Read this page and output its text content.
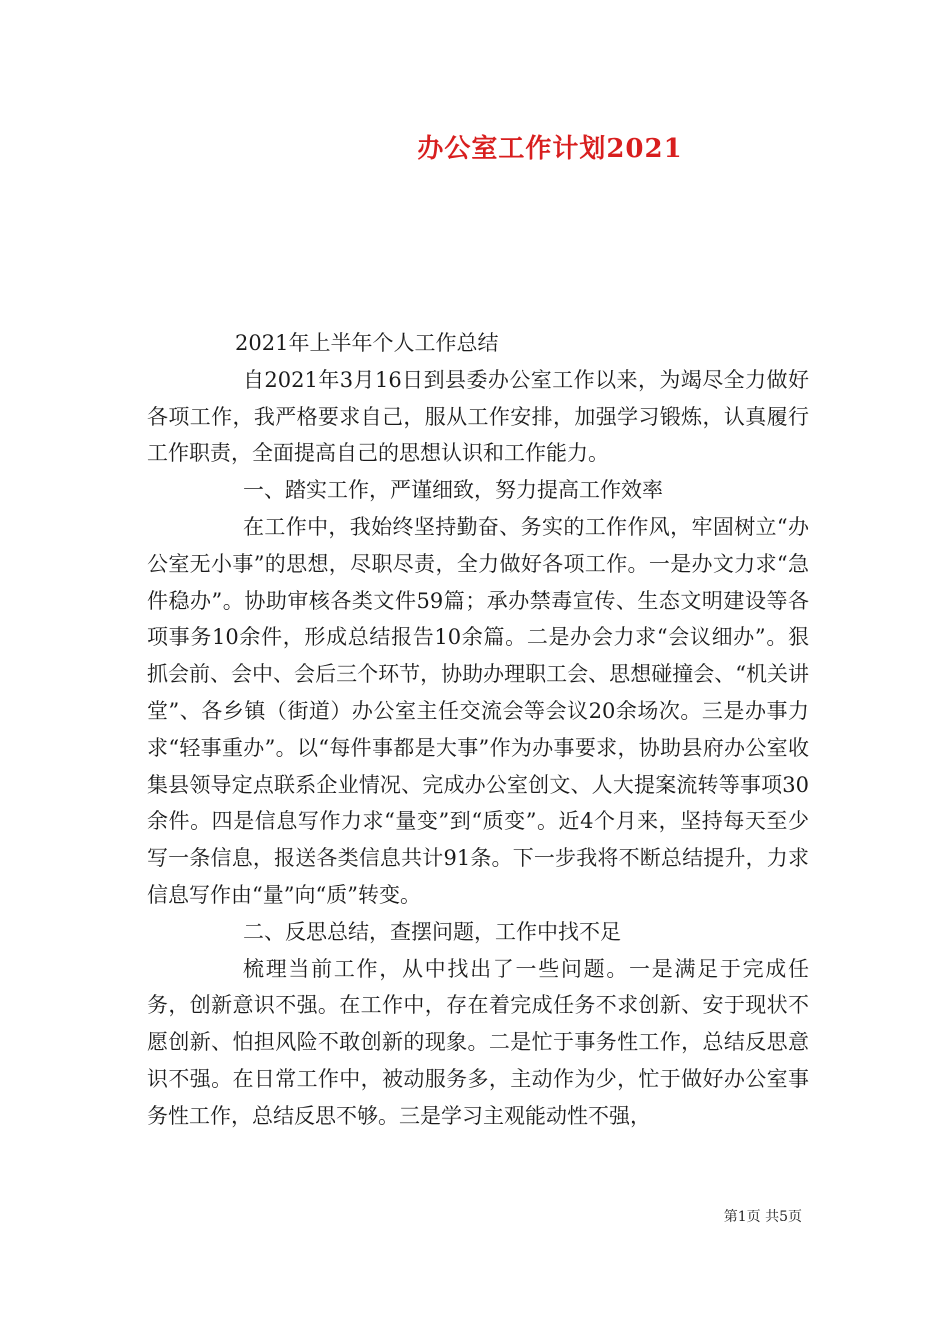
办公室工作计划2021

2021年上半年个人工作总结

自2021年3月16日到县委办公室工作以来，为竭尽全力做好各项工作，我严格要求自己，服从工作安排，加强学习锻炼，认真履行工作职责，全面提高自己的思想认识和工作能力。

一、踏实工作，严谨细致，努力提高工作效率

在工作中，我始终坚持勤奋、务实的工作作风，牢固树立“办公室无小事”的思想，尽职尽责，全力做好各项工作。一是办文力求“急件稳办”。协助审核各类文件59篇；承办禁毒宣传、生态文明建设等各项事务10余件，形成总结报告10余篇。二是办会力求“会议细办”。狠抓会前、会中、会后三个环节，协助办理职工会、思想碰撞会、“机关讲堂”、各乡镇（街道）办公室主任交流会等会议20余场次。三是办事力求“轻事重办”。以“每件事都是大事”作为办事要求，协助县府办公室收集县领导定点联系企业情况、完成办公室创文、人大提案流转等事项30余件。四是信息写作力求“量变”到“质变”。近4个月来，坚持每天至少写一条信息，报送各类信息共计91条。下一步我将不断总结提升，力求信息写作由“量”向“质”转变。

二、反思总结，查摆问题，工作中找不足

梳理当前工作，从中找出了一些问题。一是满足于完成任务，创新意识不强。在工作中，存在着完成任务不求创新、安于现状不愿创新、怕担风险不敢创新的现象。二是忙于事务性工作，总结反思意识不强。在日常工作中，被动服务多，主动作为少，忙于做好办公室事务性工作，总结反思不够。三是学习主观能动性不强，

第1页 共5页
